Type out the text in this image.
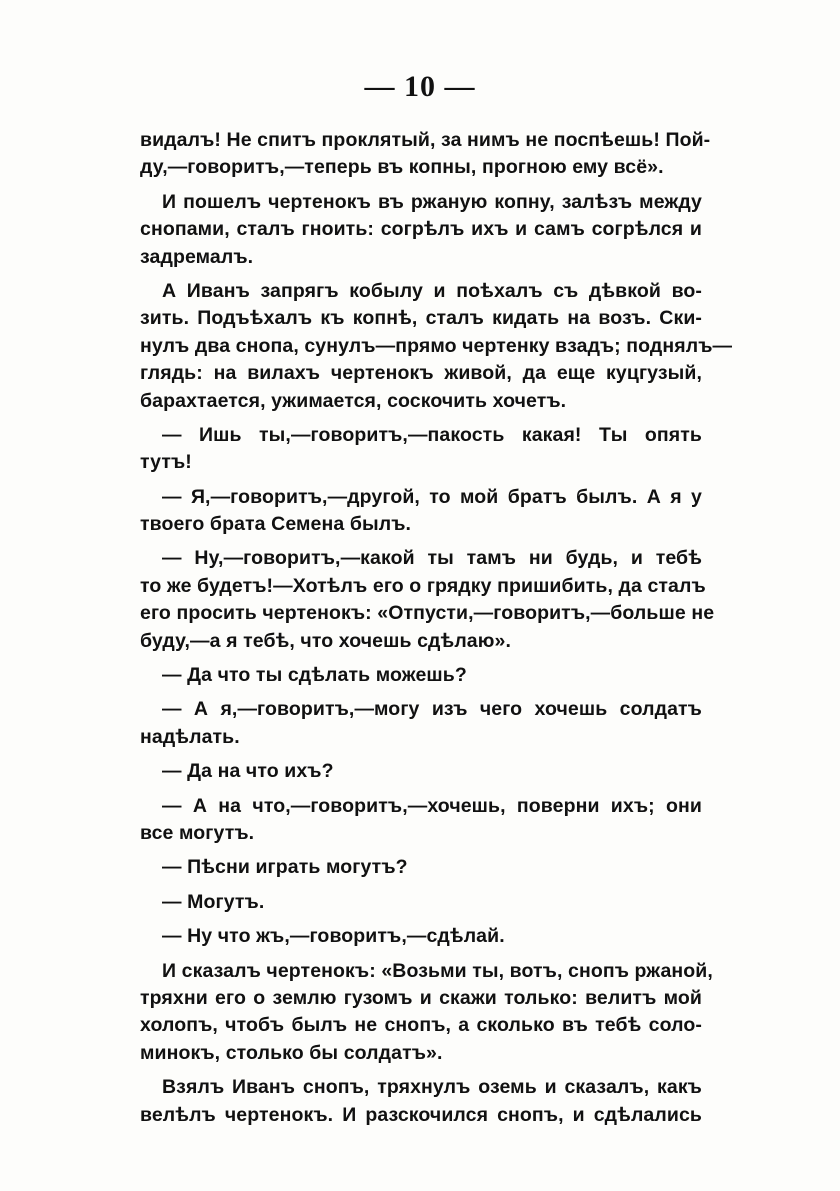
— 10 —
видалъ! Не спитъ проклятый, за нимъ не поспѣешь! Пой-
ду,—говоритъ,—теперь въ копны, прогною ему всё».
И пошелъ чертенокъ въ ржаную копну, залѣзъ между
снопами, сталъ гноить: согрѣлъ ихъ и самъ согрѣлся и
задремалъ.
А Иванъ запрягъ кобылу и поѣхалъ съ дѣвкой во-
зить. Подъѣхалъ къ копнѣ, сталъ кидать на возъ. Ски-
нулъ два снопа, сунулъ—прямо чертенку взадъ; поднялъ—
глядь: на вилахъ чертенокъ живой, да еще куцгузый,
барахтается, ужимается, соскочить хочетъ.
— Ишь ты,—говоритъ,—пакость какая! Ты опять
тутъ!
— Я,—говоритъ,—другой, то мой братъ былъ. А я у
твоего брата Семена былъ.
— Ну,—говоритъ,—какой ты тамъ ни будь, и тебѣ
то же будетъ!—Хотѣлъ его о грядку пришибить, да сталъ
его просить чертенокъ: «Отпусти,—говоритъ,—больше не
буду,—а я тебѣ, что хочешь сдѣлаю».
— Да что ты сдѣлать можешь?
— А я,—говоритъ,—могу изъ чего хочешь солдатъ
надѣлать.
— Да на что ихъ?
— А на что,—говоритъ,—хочешь, поверни ихъ; они
все могутъ.
— Пѣсни играть могутъ?
— Могутъ.
— Ну что жъ,—говоритъ,—сдѣлай.
И сказалъ чертенокъ: «Возьми ты, вотъ, снопъ ржаной,
тряхни его о землю гузомъ и скажи только: велитъ мой
холопъ, чтобъ былъ не снопъ, а сколько въ тебѣ соло-
минокъ, столько бы солдатъ».
Взялъ Иванъ снопъ, тряхнулъ оземь и сказалъ, какъ
велѣлъ чертенокъ. И разскочился снопъ, и сдѣлались
